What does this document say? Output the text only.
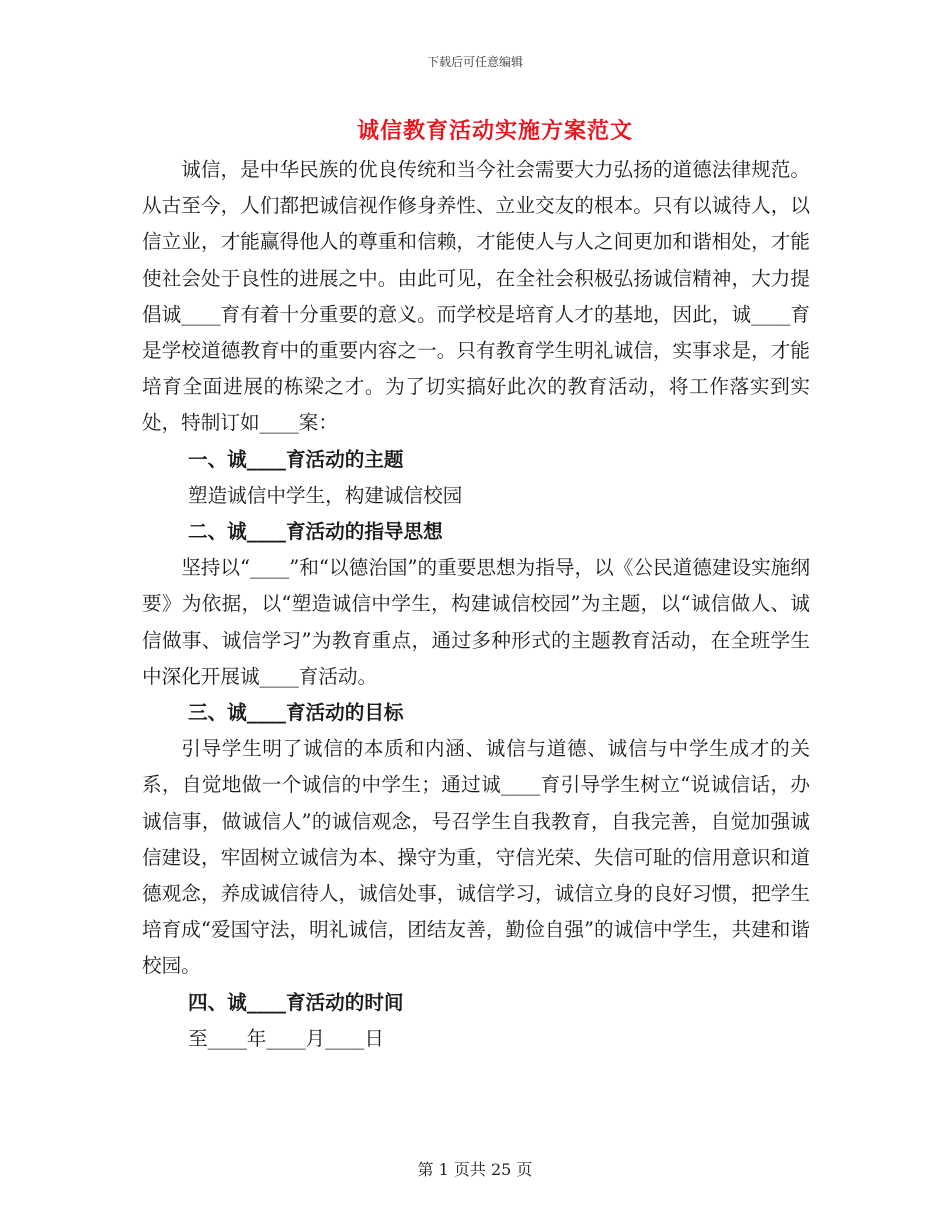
下载后可任意编辑
诚信教育活动实施方案范文

诚信，是中华民族的优良传统和当今社会需要大力弘扬的道德法律规范。从古至今，人们都把诚信视作修身养性、立业交友的根本。只有以诚待人，以信立业，才能赢得他人的尊重和信赖，才能使人与人之间更加和谐相处，才能使社会处于良性的进展之中。由此可见，在全社会积极弘扬诚信精神，大力提倡诚____育有着十分重要的意义。而学校是培育人才的基地，因此，诚____育是学校道德教育中的重要内容之一。只有教育学生明礼诚信，实事求是，才能培育全面进展的栋梁之才。为了切实搞好此次的教育活动，将工作落实到实处，特制订如____案：

一、诚____育活动的主题

塑造诚信中学生，构建诚信校园

二、诚____育活动的指导思想

坚持以“____”和“以德治国”的重要思想为指导，以《公民道德建设实施纲要》为依据，以“塑造诚信中学生，构建诚信校园”为主题，以“诚信做人、诚信做事、诚信学习”为教育重点，通过多种形式的主题教育活动，在全班学生中深化开展诚____育活动。

三、诚____育活动的目标

引导学生明了诚信的本质和内涵、诚信与道德、诚信与中学生成才的关系，自觉地做一个诚信的中学生；通过诚____育引导学生树立“说诚信话，办诚信事，做诚信人”的诚信观念，号召学生自我教育，自我完善，自觉加强诚信建设，牢固树立诚信为本、操守为重，守信光荣、失信可耻的信用意识和道德观念，养成诚信待人，诚信处事，诚信学习，诚信立身的良好习惯，把学生培育成“爱国守法，明礼诚信，团结友善，勤俭自强”的诚信中学生，共建和谐校园。

四、诚____育活动的时间

至____年____月____日

第 1 页共 25 页
